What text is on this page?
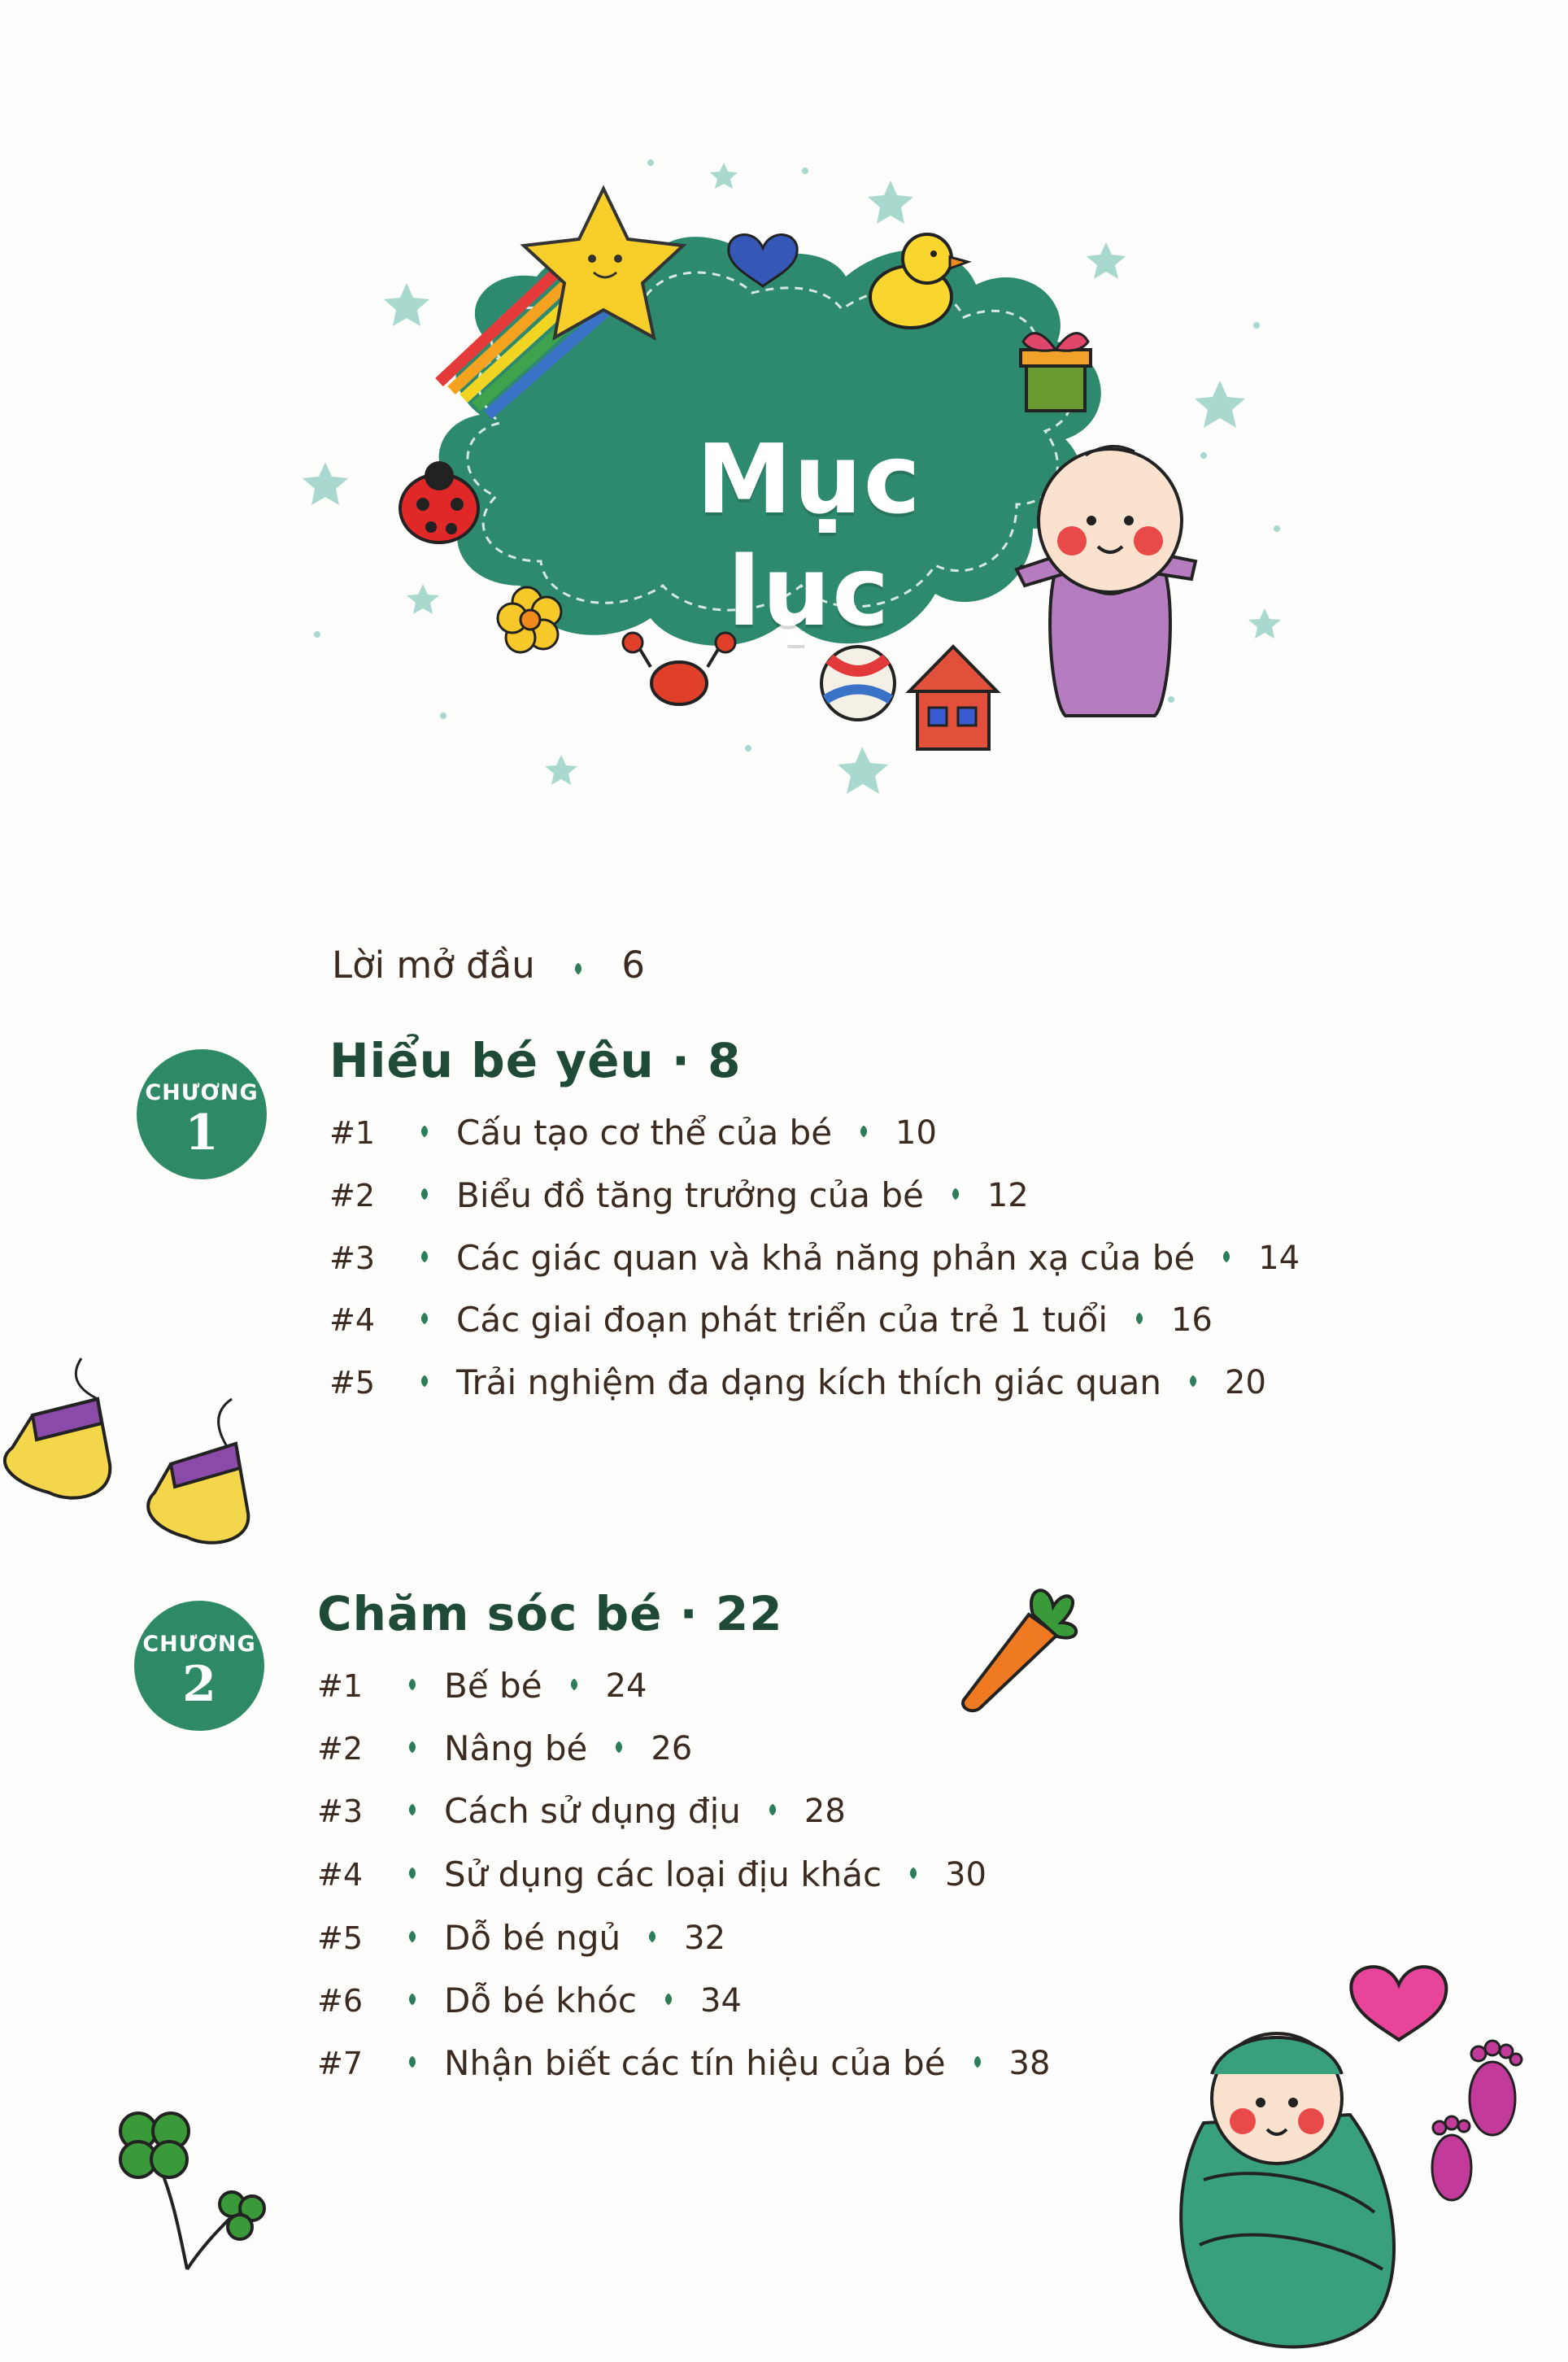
Mục lục
Lời mở đầu 6
CHƯƠNG
1
Hiểu bé yêu · 8
#1 Cấu tạo cơ thể của bé 10
#2 Biểu đồ tăng trưởng của bé 12
#3 Các giác quan và khả năng phản xạ của bé 14
#4 Các giai đoạn phát triển của trẻ 1 tuổi 16
#5 Trải nghiệm đa dạng kích thích giác quan 20
CHƯƠNG
2
Chăm sóc bé · 22
#1 Bế bé 24
#2 Nâng bé 26
#3 Cách sử dụng địu 28
#4 Sử dụng các loại địu khác 30
#5 Dỗ bé ngủ 32
#6 Dỗ bé khóc 34
#7 Nhận biết các tín hiệu của bé 38
